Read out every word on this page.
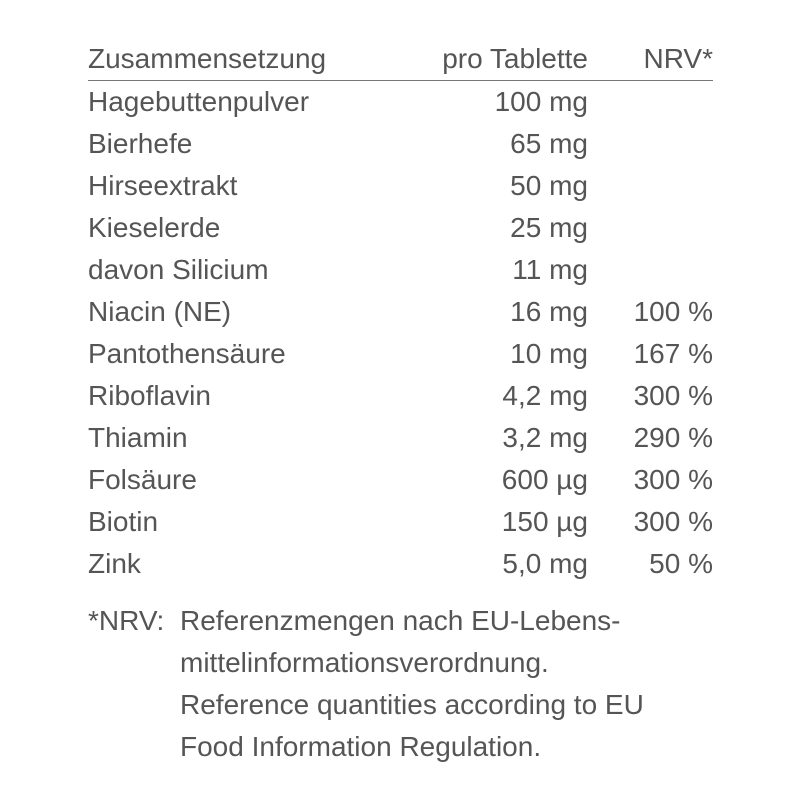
Zusammensetzung	pro Tablette	NRV*
Hagebuttenpulver	100 mg	
Bierhefe	65 mg	
Hirseextrakt	50 mg	
Kieselerde	25 mg	
davon Silicium	11 mg	
Niacin (NE)	16 mg	100 %
Pantothensäure	10 mg	167 %
Riboflavin	4,2 mg	300 %
Thiamin	3,2 mg	290 %
Folsäure	600 µg	300 %
Biotin	150 µg	300 %
Zink	5,0 mg	50 %
*NRV: Referenzmengen nach EU-Lebens-
mittelinformationsverordnung.
Reference quantities according to EU
Food Information Regulation.
